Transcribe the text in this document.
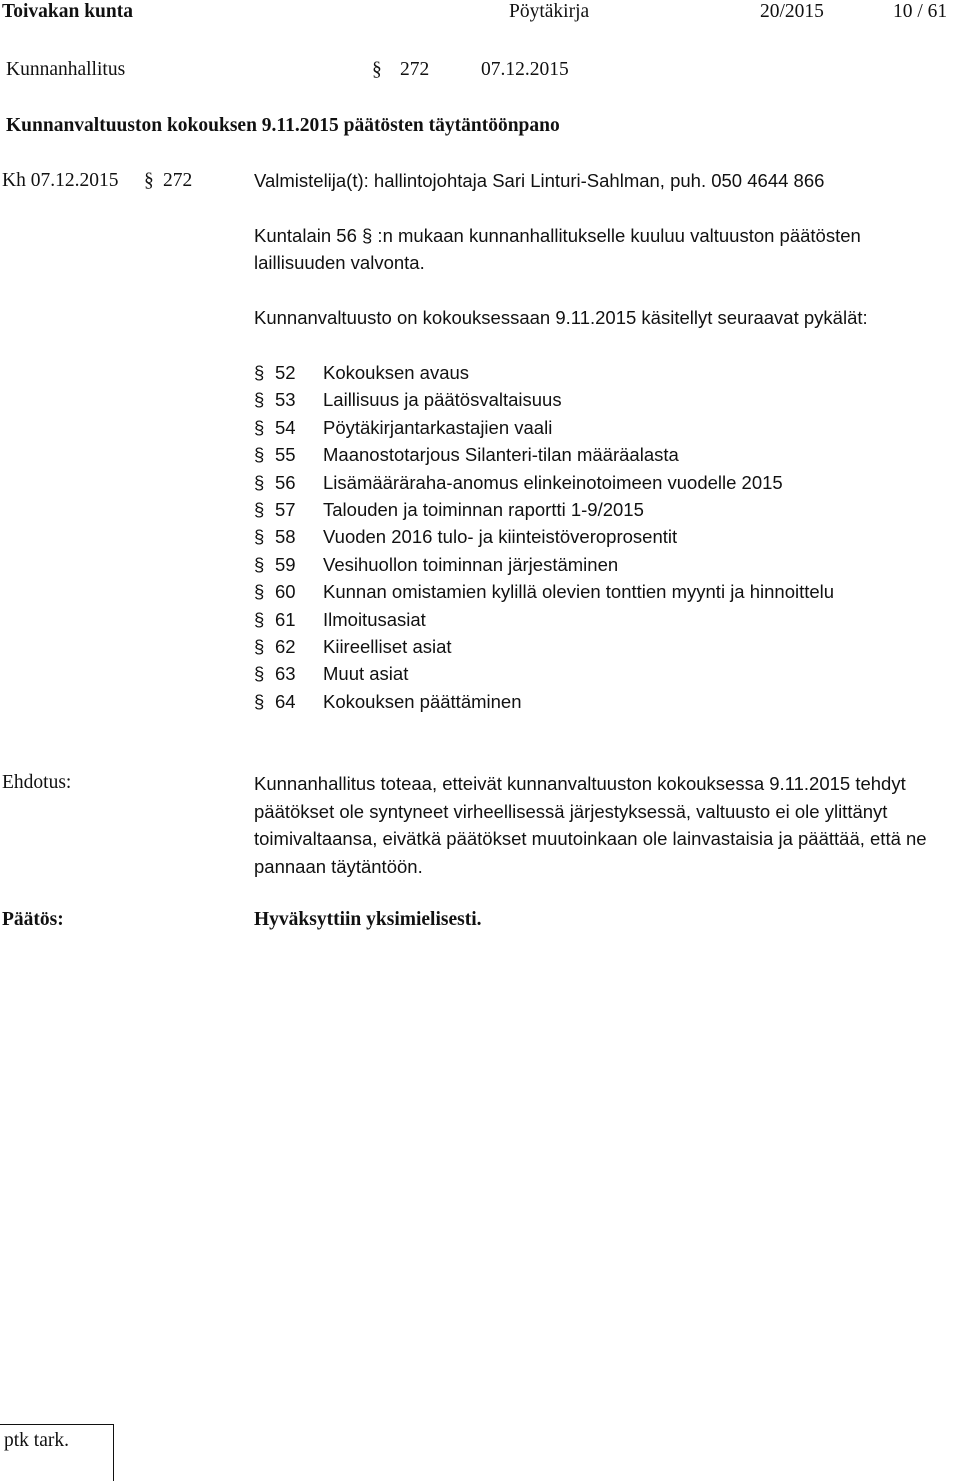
Toivakan kunta	Pöytäkirja	20/2015	10 / 61
Kunnanhallitus	§ 272	07.12.2015
Kunnanvaltuuston kokouksen 9.11.2015 päätösten täytäntöönpano
Kh 07.12.2015 § 272	Valmistelija(t): hallintojohtaja Sari Linturi-Sahlman, puh. 050 4644 866
Kuntalain 56 § :n mukaan kunnanhallitukselle kuuluu valtuuston päätösten
laillisuuden valvonta.
Kunnanvaltuusto on kokouksessaan 9.11.2015 käsitellyt seuraavat pykälät:
§ 52 Kokouksen avaus
§ 53 Laillisuus ja päätösvaltaisuus
§ 54 Pöytäkirjantarkastajien vaali
§ 55 Maanostotarjous Silanteri-tilan määräalasta
§ 56 Lisämääräraha-anomus elinkeinotoimeen vuodelle 2015
§ 57 Talouden ja toiminnan raportti 1-9/2015
§ 58 Vuoden 2016 tulo- ja kiinteistöveroprosentit
§ 59 Vesihuollon toiminnan järjestäminen
§ 60 Kunnan omistamien kylillä olevien tonttien myynti ja hinnoittelu
§ 61 Ilmoitusasiat
§ 62 Kiireelliset asiat
§ 63 Muut asiat
§ 64 Kokouksen päättäminen
Ehdotus:	Kunnanhallitus toteaa, etteivät kunnanvaltuuston kokouksessa 9.11.2015 tehdyt päätökset ole syntyneet virheellisessä järjestyksessä, valtuusto ei ole ylittänyt toimivaltaansa, eivätkä päätökset muutoinkaan ole lainvastaisia ja päättää, että ne pannaan täytäntöön.
Päätös:	Hyväksyttiin yksimielisesti.
ptk tark.
